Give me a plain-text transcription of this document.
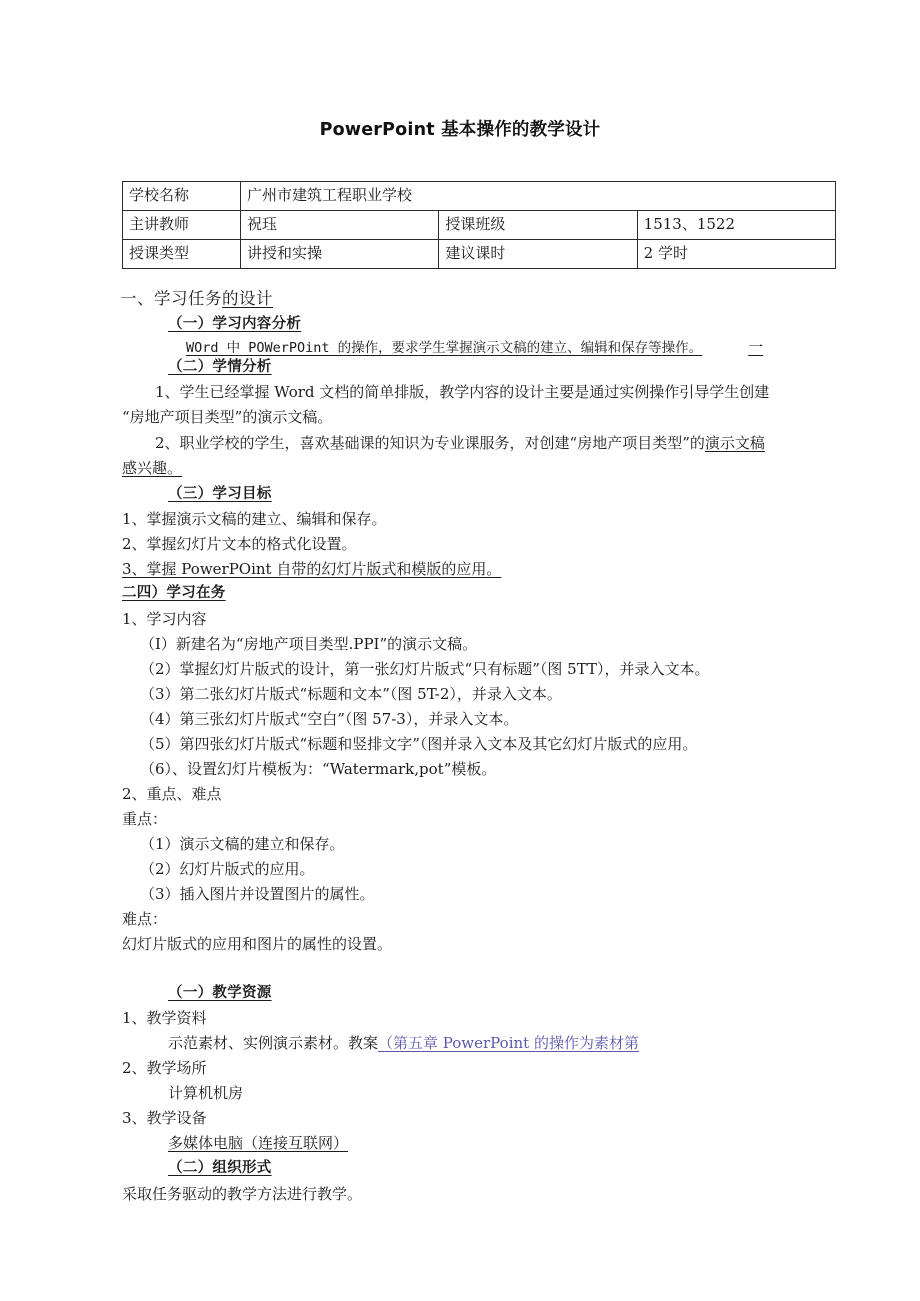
PowerPoint 基本操作的教学设计
学校名称	广州市建筑工程职业学校		
主讲教师	祝珏	授课班级	1513、1522
授课类型	讲授和实操	建议课时	2 学时
一、学习任务的设计
（一）学习内容分析
WOrd 中 POWerPOint 的操作，要求学生掌握演示文稿的建立、编辑和保存等操作。	一
（二）学情分析
1、学生已经掌握 Word 文档的简单排版，教学内容的设计主要是通过实例操作引导学生创建
“房地产项目类型”的演示文稿。
2、职业学校的学生，喜欢基础课的知识为专业课服务，对创建“房地产项目类型”的演示文稿
感兴趣。
（三）学习目标
1、掌握演示文稿的建立、编辑和保存。
2、掌握幻灯片文本的格式化设置。
3、掌握 PowerPOint 自带的幻灯片版式和模版的应用。
二四）学习在务
1、学习内容
（I）新建名为“房地产项目类型.PPI”的演示文稿。
（2）掌握幻灯片版式的设计，第一张幻灯片版式“只有标题”（图 5TT），并录入文本。
（3）第二张幻灯片版式“标题和文本”（图 5T-2），并录入文本。
（4）第三张幻灯片版式“空白”（图 57-3），并录入文本。
（5）第四张幻灯片版式“标题和竖排文字”（图并录入文本及其它幻灯片版式的应用。
（6）、设置幻灯片模板为：“Watermark,pot”模板。
2、重点、难点
重点：
（1）演示文稿的建立和保存。
（2）幻灯片版式的应用。
（3）插入图片并设置图片的属性。
难点：
幻灯片版式的应用和图片的属性的设置。
（一）教学资源
1、教学资料
示范素材、实例演示素材。教案（第五章 PowerPoint 的操作为素材第
2、教学场所
计算机机房
3、教学设备
多媒体电脑（连接互联网）
（二）组织形式
采取任务驱动的教学方法进行教学。
